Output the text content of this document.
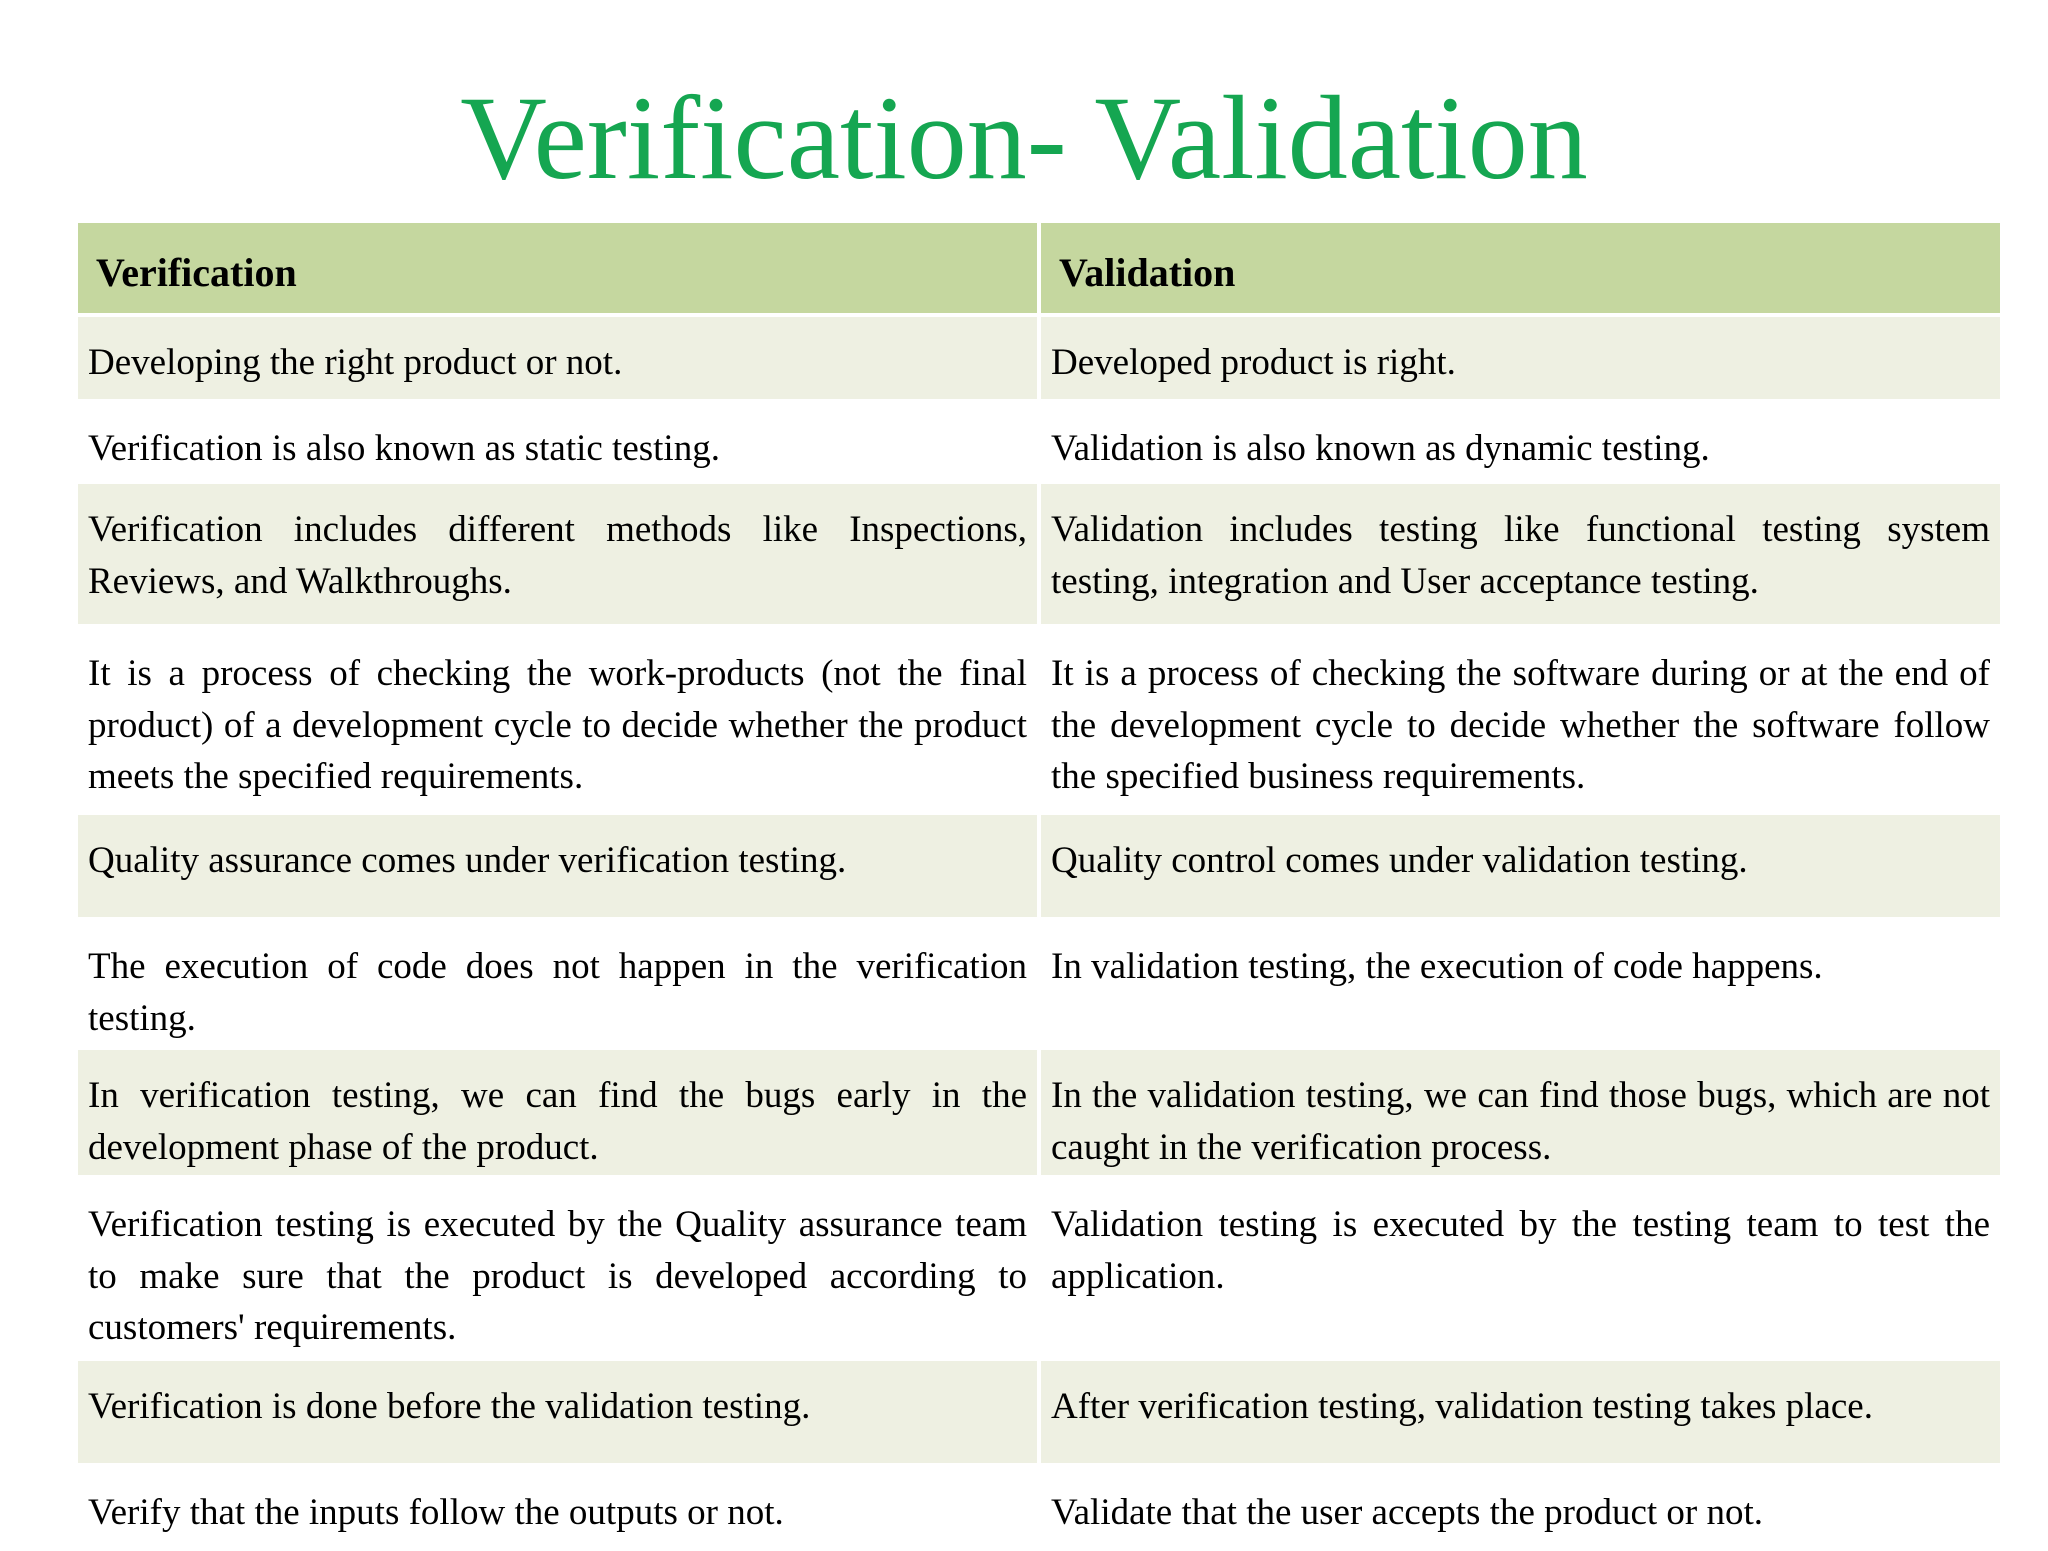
Verification- Validation
Verification	Validation
Developing the right product or not.	Developed product is right.
Verification is also known as static testing.	Validation is also known as dynamic testing.
Verification includes different methods like Inspections, Reviews, and Walkthroughs.	Validation includes testing like functional testing system testing, integration and User acceptance testing.
It is a process of checking the work-products (not the final product) of a development cycle to decide whether the product meets the specified requirements.	It is a process of checking the software during or at the end of the development cycle to decide whether the software follow the specified business requirements.
Quality assurance comes under verification testing.	Quality control comes under validation testing.
The execution of code does not happen in the verification testing.	In validation testing, the execution of code happens.
In verification testing, we can find the bugs early in the development phase of the product.	In the validation testing, we can find those bugs, which are not caught in the verification process.
Verification testing is executed by the Quality assurance team to make sure that the product is developed according to customers' requirements.	Validation testing is executed by the testing team to test the application.
Verification is done before the validation testing.	After verification testing, validation testing takes place.
Verify that the inputs follow the outputs or not.	Validate that the user accepts the product or not.
